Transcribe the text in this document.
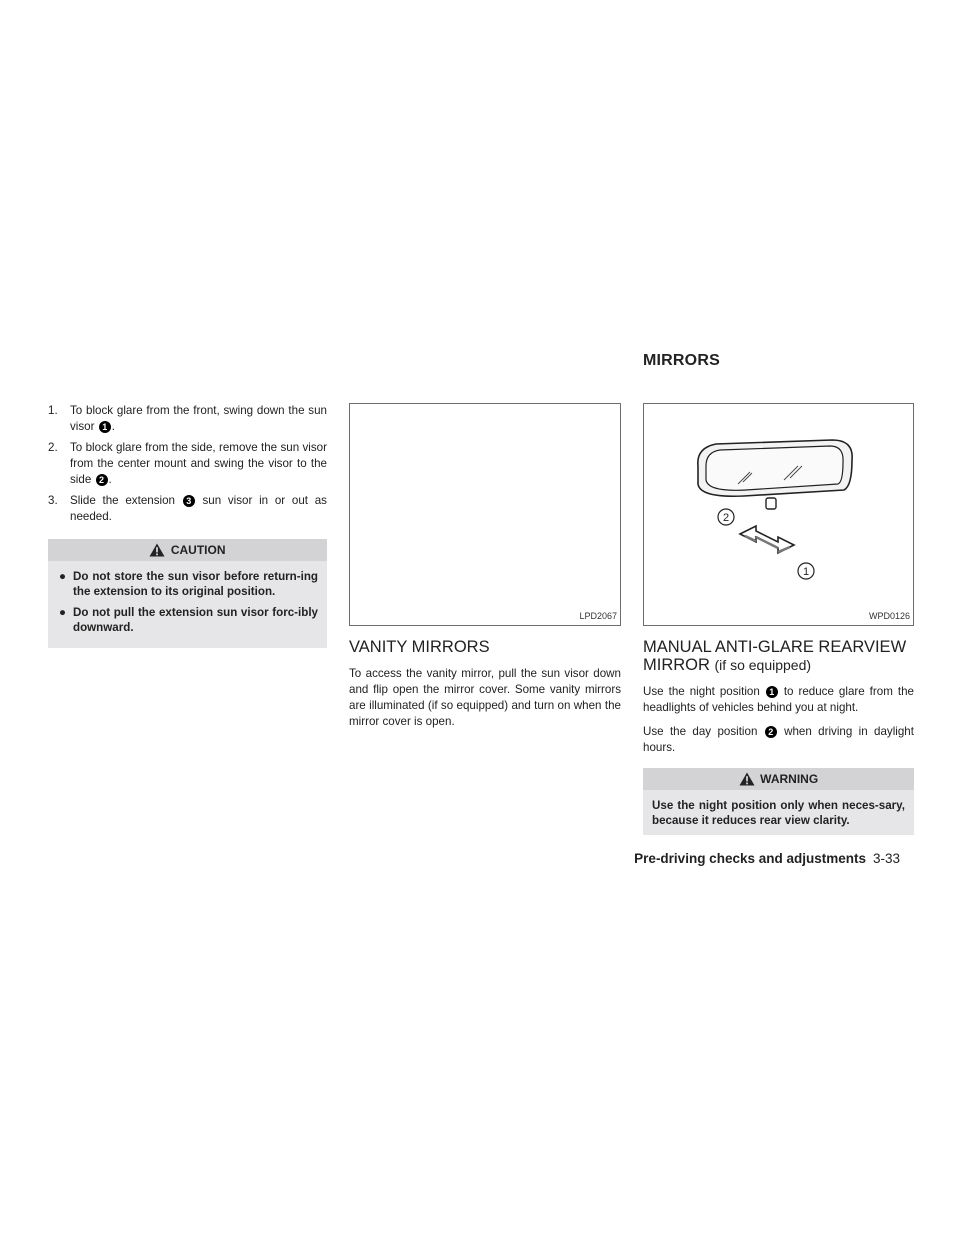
MIRRORS
1. To block glare from the front, swing down the sun visor 1 .
2. To block glare from the side, remove the sun visor from the center mount and swing the visor to the side 2 .
3. Slide the extension 3 sun visor in or out as needed.
CAUTION
● Do not store the sun visor before return-ing the extension to its original position.
● Do not pull the extension sun visor forc-ibly downward.
LPD2067
VANITY MIRRORS

To access the vanity mirror, pull the sun visor down and flip open the mirror cover. Some vanity mirrors are illuminated (if so equipped) and turn on when the mirror cover is open.

2
1
WPD0126
MANUAL ANTI-GLARE REARVIEW MIRROR (if so equipped)

Use the night position 1 to reduce glare from the headlights of vehicles behind you at night.

Use the day position 2 when driving in daylight hours.

WARNING

Use the night position only when neces-sary, because it reduces rear view clarity.

Pre-driving checks and adjustments 3-33
